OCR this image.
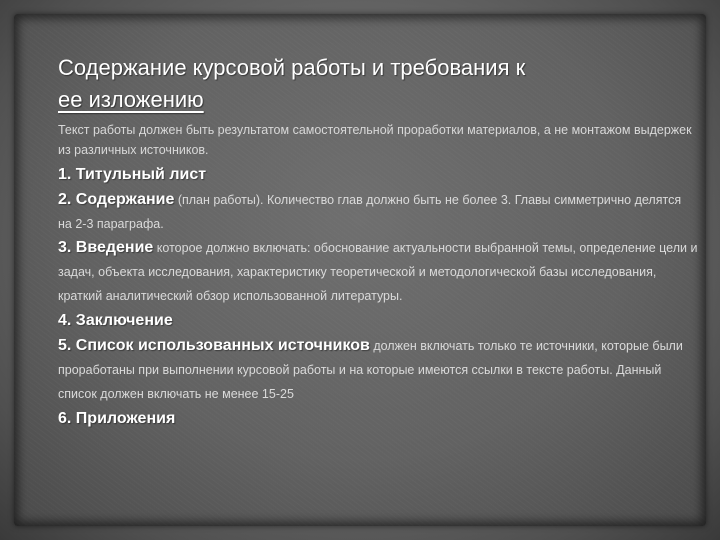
Содержание курсовой работы и требования к
ее изложению

Текст работы должен быть результатом самостоятельной проработки материалов, а не монтажом выдержек из различных источников.

1. Титульный лист

2. Содержание (план работы). Количество глав должно быть не более 3. Главы симметрично делятся на 2-3 параграфа.

3. Введение которое должно включать: обоснование актуальности выбранной темы, определение цели и задач, объекта исследования, характеристику теоретической и методологической базы исследования, краткий аналитический обзор использованной литературы.

4. Заключение

5. Список использованных источников должен включать только те источники, которые были проработаны при выполнении курсовой работы и на которые имеются ссылки в тексте работы. Данный список должен включать не менее 15-25

6. Приложения
